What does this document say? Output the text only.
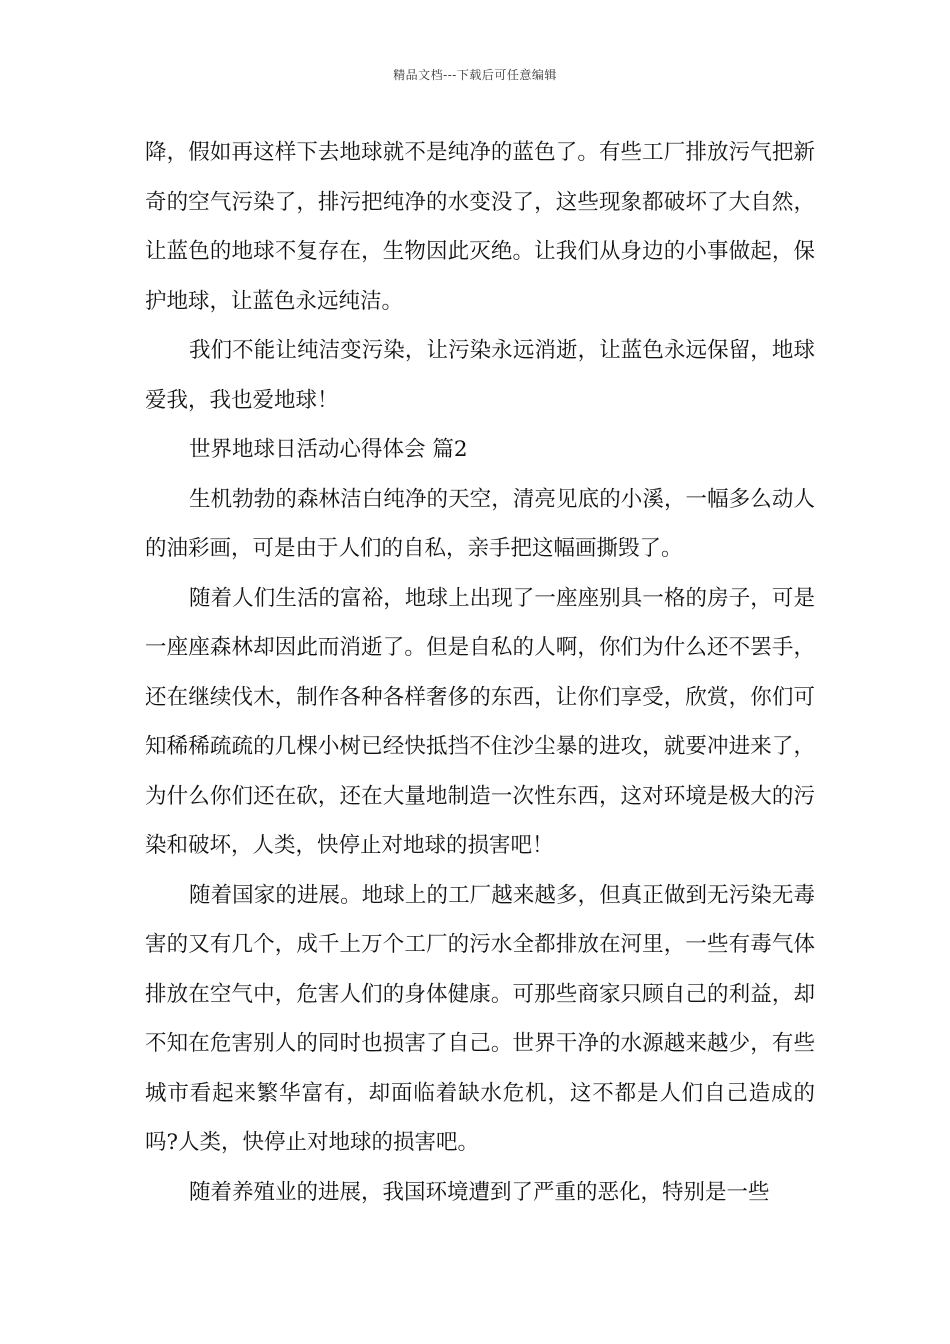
精品文档---下载后可任意编辑

降，假如再这样下去地球就不是纯净的蓝色了。有些工厂排放污气把新奇的空气污染了，排污把纯净的水变没了，这些现象都破坏了大自然，让蓝色的地球不复存在，生物因此灭绝。让我们从身边的小事做起，保护地球，让蓝色永远纯洁。

我们不能让纯洁变污染，让污染永远消逝，让蓝色永远保留，地球爱我，我也爱地球！

世界地球日活动心得体会 篇2

生机勃勃的森林洁白纯净的天空，清亮见底的小溪，一幅多么动人的油彩画，可是由于人们的自私，亲手把这幅画撕毁了。

随着人们生活的富裕，地球上出现了一座座别具一格的房子，可是一座座森林却因此而消逝了。但是自私的人啊，你们为什么还不罢手，还在继续伐木，制作各种各样奢侈的东西，让你们享受，欣赏，你们可知稀稀疏疏的几棵小树已经快抵挡不住沙尘暴的进攻，就要冲进来了，为什么你们还在砍，还在大量地制造一次性东西，这对环境是极大的污染和破坏，人类，快停止对地球的损害吧！

随着国家的进展。地球上的工厂越来越多，但真正做到无污染无毒害的又有几个，成千上万个工厂的污水全都排放在河里，一些有毒气体排放在空气中，危害人们的身体健康。可那些商家只顾自己的利益，却不知在危害别人的同时也损害了自己。世界干净的水源越来越少，有些城市看起来繁华富有，却面临着缺水危机，这不都是人们自己造成的吗?人类，快停止对地球的损害吧。

随着养殖业的进展，我国环境遭到了严重的恶化，特别是一些
